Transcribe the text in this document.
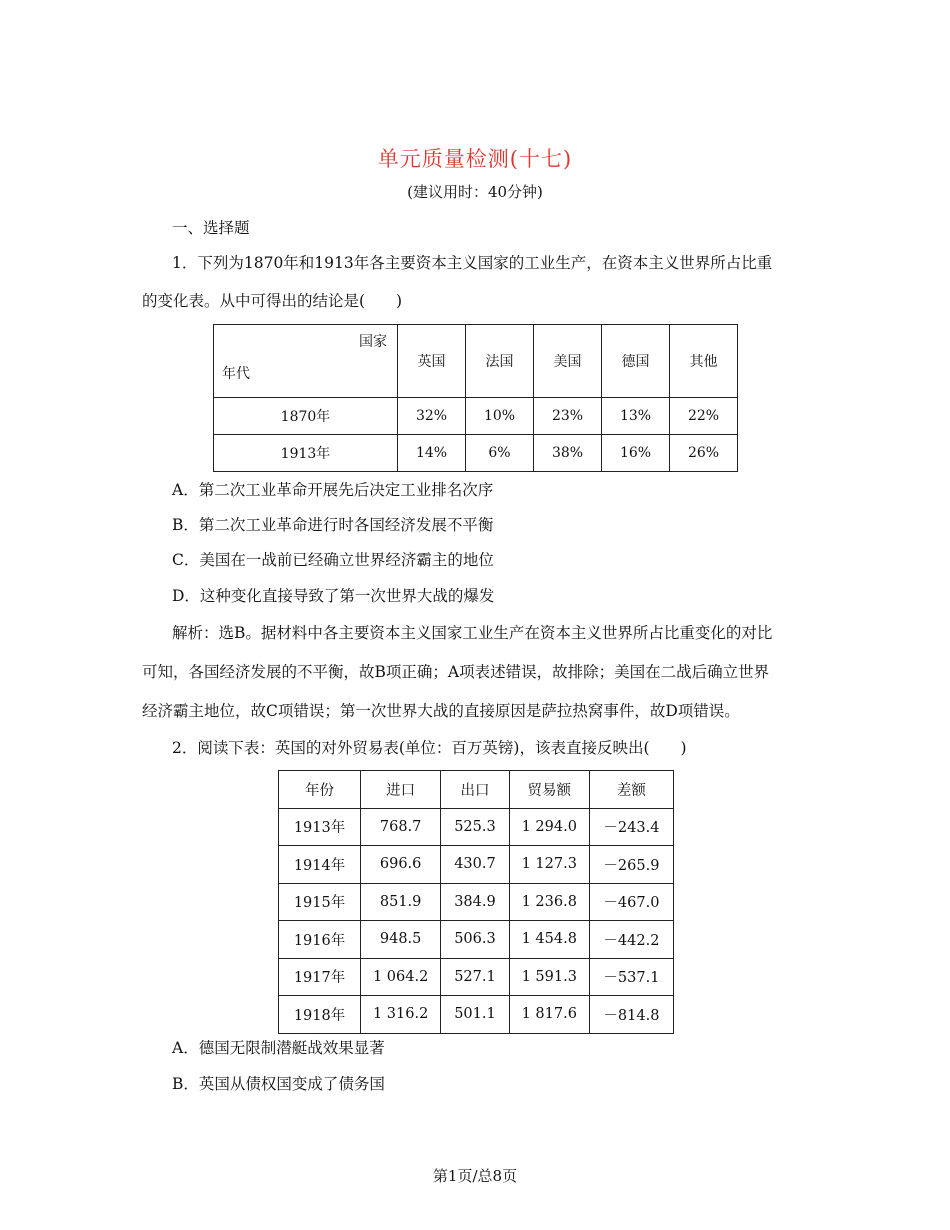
单元质量检测(十七)
(建议用时：40分钟)
一、选择题
1．下列为1870年和1913年各主要资本主义国家的工业生产，在资本主义世界所占比重
的变化表。从中可得出的结论是(　　)
国家
年代	英国	法国	美国	德国	其他
1870年	32%	10%	23%	13%	22%
1913年	14%	6%	38%	16%	26%
A．第二次工业革命开展先后决定工业排名次序
B．第二次工业革命进行时各国经济发展不平衡
C．美国在一战前已经确立世界经济霸主的地位
D．这种变化直接导致了第一次世界大战的爆发
解析：选B。据材料中各主要资本主义国家工业生产在资本主义世界所占比重变化的对比
可知，各国经济发展的不平衡，故B项正确；A项表述错误，故排除；美国在二战后确立世界
经济霸主地位，故C项错误；第一次世界大战的直接原因是萨拉热窝事件，故D项错误。
2．阅读下表：英国的对外贸易表(单位：百万英镑)，该表直接反映出(　　)
年份	进口	出口	贸易额	差额
1913年	768.7	525.3	1 294.0	－243.4
1914年	696.6	430.7	1 127.3	－265.9
1915年	851.9	384.9	1 236.8	－467.0
1916年	948.5	506.3	1 454.8	－442.2
1917年	1 064.2	527.1	1 591.3	－537.1
1918年	1 316.2	501.1	1 817.6	－814.8
A．德国无限制潜艇战效果显著
B．英国从债权国变成了债务国
第1页/总8页
